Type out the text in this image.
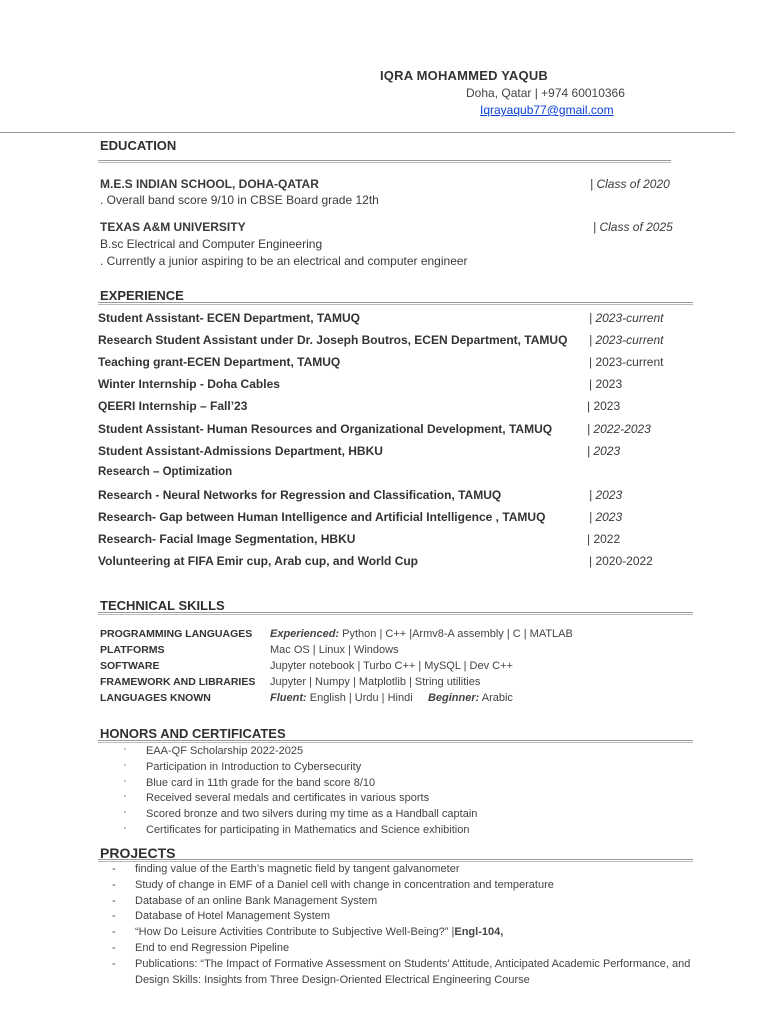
IQRA MOHAMMED YAQUB
Doha, Qatar | +974 60010366
Iqrayaqub77@gmail.com
EDUCATION
M.E.S INDIAN SCHOOL, DOHA-QATAR	| Class of 2020
. Overall band score 9/10 in CBSE Board grade 12th
TEXAS A&M UNIVERSITY	| Class of 2025
B.sc Electrical and Computer Engineering
. Currently a junior aspiring to be an electrical and computer engineer
EXPERIENCE
Student Assistant- ECEN Department, TAMUQ	| 2023-current
Research Student Assistant under Dr. Joseph Boutros, ECEN Department, TAMUQ | 2023-current
Teaching grant-ECEN Department, TAMUQ	| 2023-current
Winter Internship - Doha Cables	| 2023
QEERI Internship – Fall’23	| 2023
Student Assistant- Human Resources and Organizational Development, TAMUQ	| 2022-2023
Student Assistant-Admissions Department, HBKU	| 2023
Research – Optimization
Research - Neural Networks for Regression and Classification, TAMUQ	| 2023
Research- Gap between Human Intelligence and Artificial Intelligence , TAMUQ	| 2023
Research- Facial Image Segmentation, HBKU	| 2022
Volunteering at FIFA Emir cup, Arab cup, and World Cup	| 2020-2022
TECHNICAL SKILLS
PROGRAMMING LANGUAGES Experienced: Python | C++ |Armv8-A assembly | C | MATLAB
PLATFORMS	Mac OS | Linux | Windows
SOFTWARE	Jupyter notebook | Turbo C++ | MySQL | Dev C++
FRAMEWORK AND LIBRARIES Jupyter | Numpy | Matplotlib | String utilities
LANGUAGES KNOWN	Fluent: English | Urdu | Hindi Beginner: Arabic
HONORS AND CERTIFICATES
· EAA-QF Scholarship 2022-2025
· Participation in Introduction to Cybersecurity
· Blue card in 11th grade for the band score 8/10
· Received several medals and certificates in various sports
· Scored bronze and two silvers during my time as a Handball captain
· Certificates for participating in Mathematics and Science exhibition
PROJECTS
- finding value of the Earth’s magnetic field by tangent galvanometer
- Study of change in EMF of a Daniel cell with change in concentration and temperature
- Database of an online Bank Management System
- Database of Hotel Management System
- “How Do Leisure Activities Contribute to Subjective Well-Being?” |Engl-104,
- End to end Regression Pipeline
- Publications: “The Impact of Formative Assessment on Students’ Attitude, Anticipated Academic Performance, and
Design Skills: Insights from Three Design-Oriented Electrical Engineering Course
